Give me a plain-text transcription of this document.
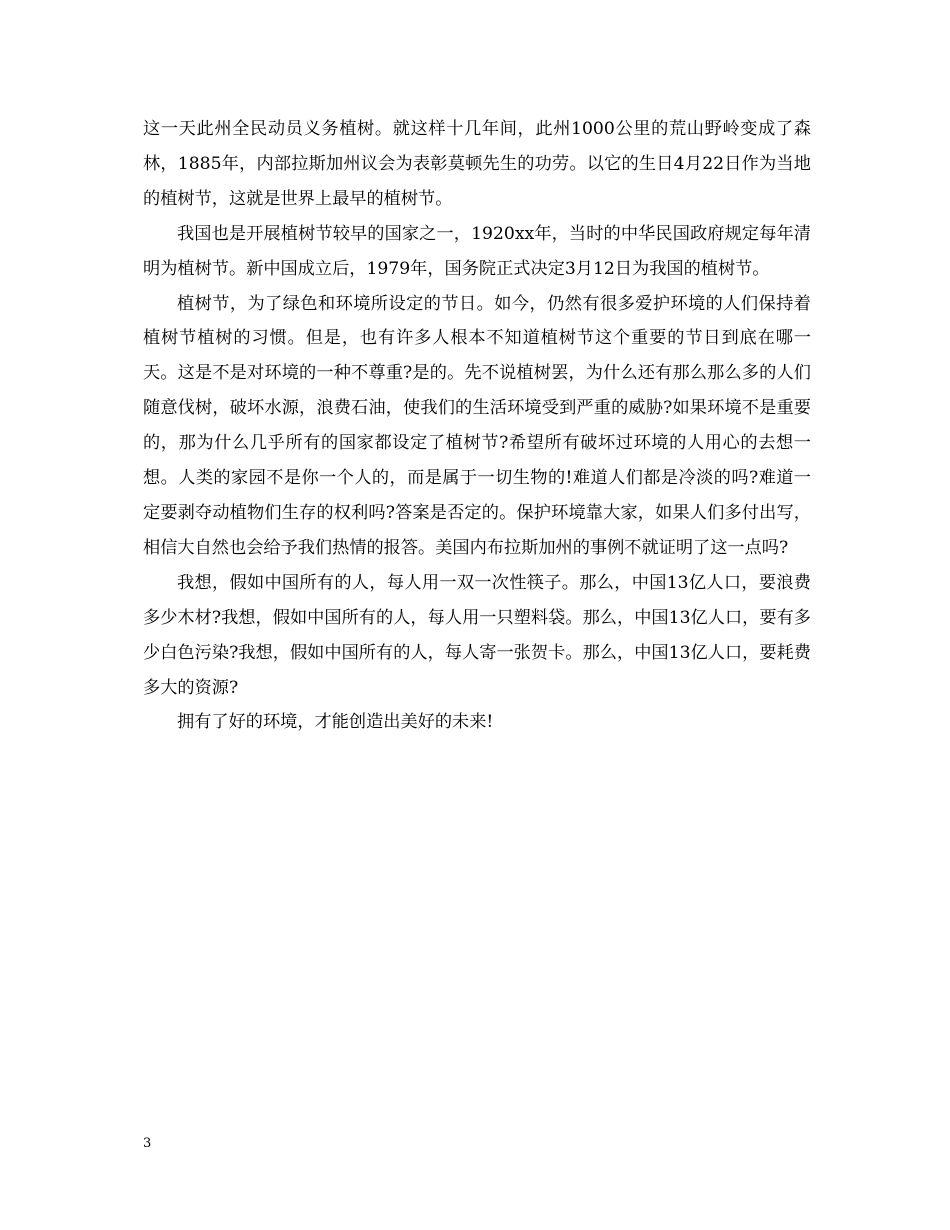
这一天此州全民动员义务植树。就这样十几年间，此州1000公里的荒山野岭变成了森林，1885年，内部拉斯加州议会为表彰莫顿先生的功劳。以它的生日4月22日作为当地的植树节，这就是世界上最早的植树节。

我国也是开展植树节较早的国家之一，1920xx年，当时的中华民国政府规定每年清明为植树节。新中国成立后，1979年，国务院正式决定3月12日为我国的植树节。

植树节，为了绿色和环境所设定的节日。如今，仍然有很多爱护环境的人们保持着植树节植树的习惯。但是，也有许多人根本不知道植树节这个重要的节日到底在哪一天。这是不是对环境的一种不尊重?是的。先不说植树罢，为什么还有那么那么多的人们随意伐树，破坏水源，浪费石油，使我们的生活环境受到严重的威胁?如果环境不是重要的，那为什么几乎所有的国家都设定了植树节?希望所有破坏过环境的人用心的去想一想。人类的家园不是你一个人的，而是属于一切生物的!难道人们都是冷淡的吗?难道一定要剥夺动植物们生存的权利吗?答案是否定的。保护环境靠大家，如果人们多付出写，相信大自然也会给予我们热情的报答。美国内布拉斯加州的事例不就证明了这一点吗?

我想，假如中国所有的人，每人用一双一次性筷子。那么，中国13亿人口，要浪费多少木材?我想，假如中国所有的人，每人用一只塑料袋。那么，中国13亿人口，要有多少白色污染?我想，假如中国所有的人，每人寄一张贺卡。那么，中国13亿人口，要耗费多大的资源?

拥有了好的环境，才能创造出美好的未来!

3
